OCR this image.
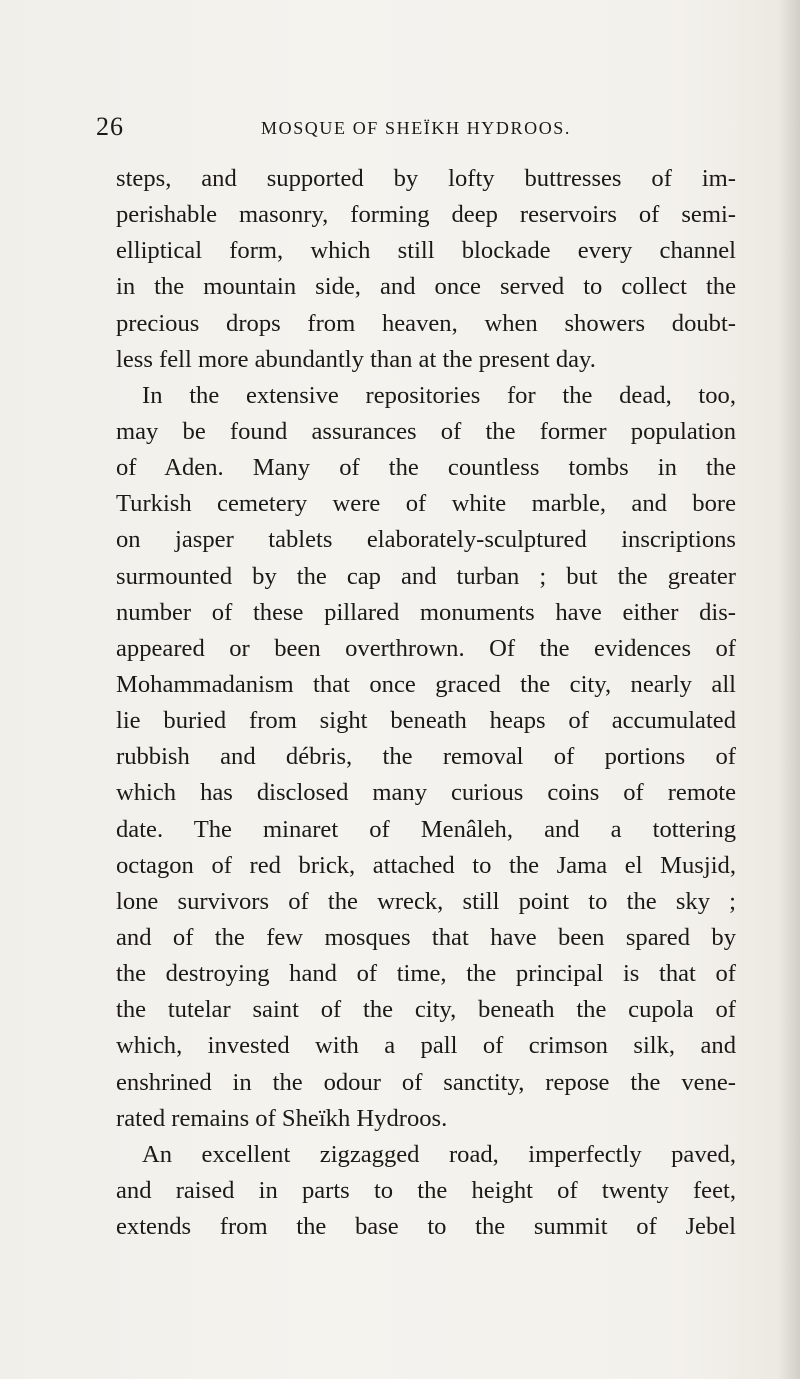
26	MOSQUE OF SHEÏKH HYDROOS.
steps, and supported by lofty buttresses of im-
perishable masonry, forming deep reservoirs of semi-
elliptical form, which still blockade every channel
in the mountain side, and once served to collect the
precious drops from heaven, when showers doubt-
less fell more abundantly than at the present day.
In the extensive repositories for the dead, too,
may be found assurances of the former population
of Aden. Many of the countless tombs in the
Turkish cemetery were of white marble, and bore
on jasper tablets elaborately-sculptured inscriptions
surmounted by the cap and turban ; but the greater
number of these pillared monuments have either dis-
appeared or been overthrown. Of the evidences of
Mohammadanism that once graced the city, nearly all
lie buried from sight beneath heaps of accumulated
rubbish and débris, the removal of portions of
which has disclosed many curious coins of remote
date. The minaret of Menâleh, and a tottering
octagon of red brick, attached to the Jama el Musjid,
lone survivors of the wreck, still point to the sky ;
and of the few mosques that have been spared by
the destroying hand of time, the principal is that of
the tutelar saint of the city, beneath the cupola of
which, invested with a pall of crimson silk, and
enshrined in the odour of sanctity, repose the vene-
rated remains of Sheïkh Hydroos.
An excellent zigzagged road, imperfectly paved,
and raised in parts to the height of twenty feet,
extends from the base to the summit of Jebel
